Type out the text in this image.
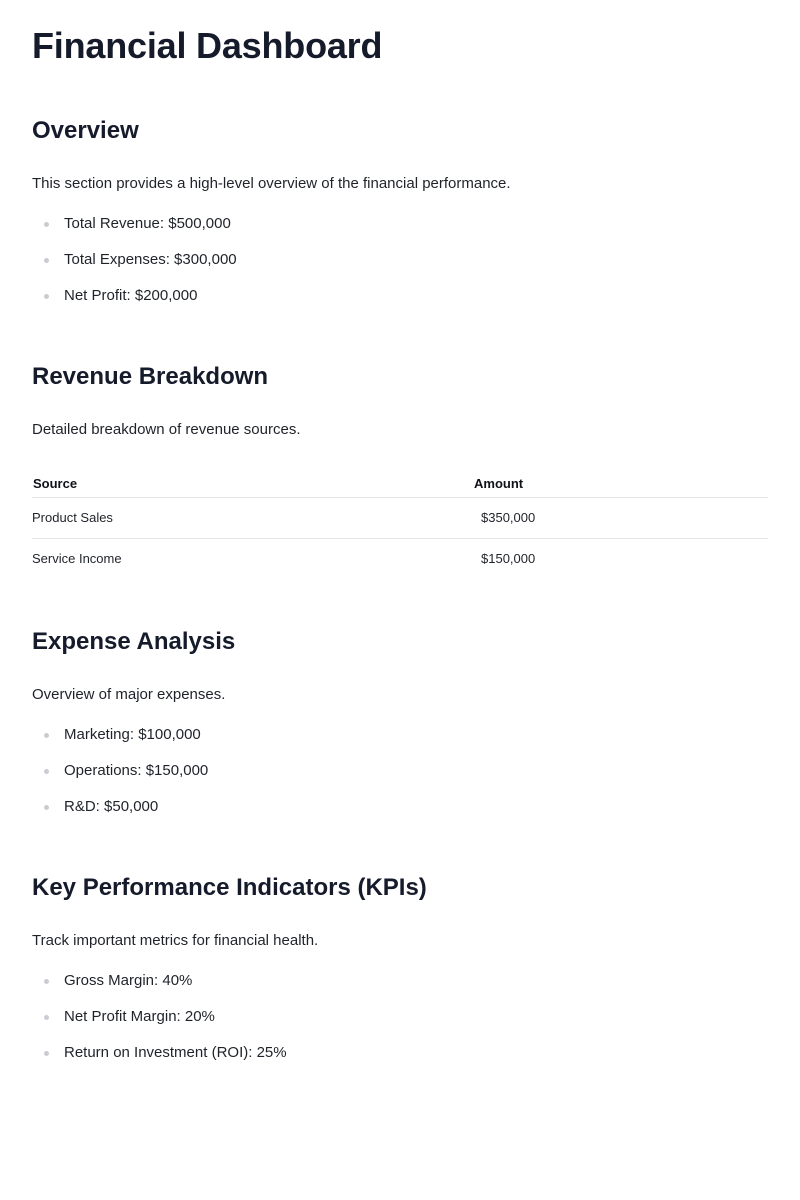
Financial Dashboard
Overview

This section provides a high-level overview of the financial performance.

Total Revenue: $500,000
Total Expenses: $300,000
Net Profit: $200,000
Revenue Breakdown

Detailed breakdown of revenue sources.

Source	Amount
Product Sales	$350,000
Service Income	$150,000
Expense Analysis

Overview of major expenses.

Marketing: $100,000
Operations: $150,000
R&D: $50,000
Key Performance Indicators (KPIs)

Track important metrics for financial health.

Gross Margin: 40%
Net Profit Margin: 20%
Return on Investment (ROI): 25%
